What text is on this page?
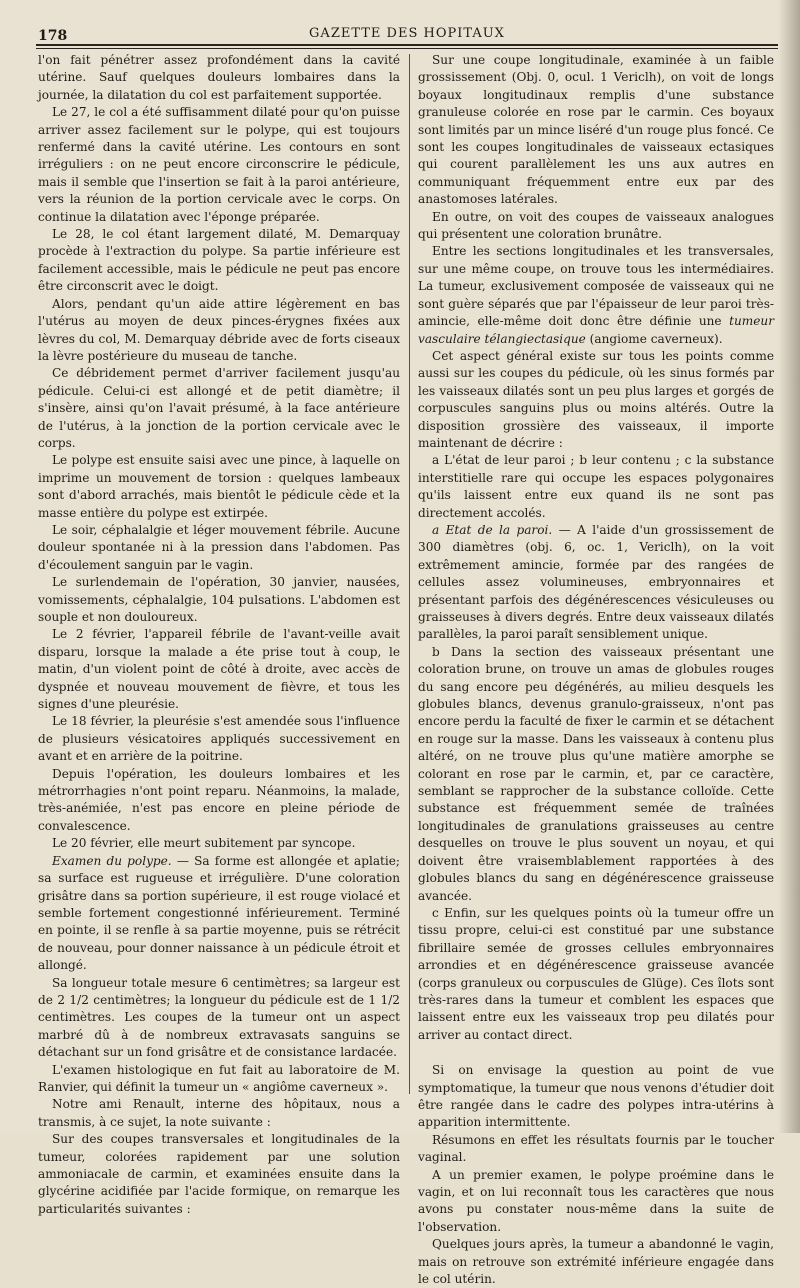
178	GAZETTE DES HOPITAUX

l'on fait pénétrer assez profondément dans la cavité utérine. Sauf quelques douleurs lombaires dans la journée, la dilatation du col est parfaitement supportée.

Le 27, le col a été suffisamment dilaté pour qu'on puisse arriver assez facilement sur le polype, qui est toujours renfermé dans la cavité utérine. Les contours en sont irréguliers : on ne peut encore circonscrire le pédicule, mais il semble que l'insertion se fait à la paroi antérieure, vers la réunion de la portion cervicale avec le corps. On continue la dilatation avec l'éponge préparée.

Le 28, le col étant largement dilaté, M. Demarquay procède à l'extraction du polype. Sa partie inférieure est facilement accessible, mais le pédicule ne peut pas encore être circonscrit avec le doigt.

Alors, pendant qu'un aide attire légèrement en bas l'utérus au moyen de deux pinces-érygnes fixées aux lèvres du col, M. Demarquay débride avec de forts ciseaux la lèvre postérieure du museau de tanche.

Ce débridement permet d'arriver facilement jusqu'au pédicule. Celui-ci est allongé et de petit diamètre; il s'insère, ainsi qu'on l'avait présumé, à la face antérieure de l'utérus, à la jonction de la portion cervicale avec le corps.

Le polype est ensuite saisi avec une pince, à laquelle on imprime un mouvement de torsion : quelques lambeaux sont d'abord arrachés, mais bientôt le pédicule cède et la masse entière du polype est extirpée.

Le soir, céphalalgie et léger mouvement fébrile. Aucune douleur spontanée ni à la pression dans l'abdomen. Pas d'écoulement sanguin par le vagin.

Le surlendemain de l'opération, 30 janvier, nausées, vomissements, céphalalgie, 104 pulsations. L'abdomen est souple et non douloureux.

Le 2 février, l'appareil fébrile de l'avant-veille avait disparu, lorsque la malade a éte prise tout à coup, le matin, d'un violent point de côté à droite, avec accès de dyspnée et nouveau mouvement de fièvre, et tous les signes d'une pleurésie.

Le 18 février, la pleurésie s'est amendée sous l'influence de plusieurs vésicatoires appliqués successivement en avant et en arrière de la poitrine.

Depuis l'opération, les douleurs lombaires et les métrorrhagies n'ont point reparu. Néanmoins, la malade, très-anémiée, n'est pas encore en pleine période de convalescence.

Le 20 février, elle meurt subitement par syncope.

Examen du polype. — Sa forme est allongée et aplatie; sa surface est rugueuse et irrégulière. D'une coloration grisâtre dans sa portion supérieure, il est rouge violacé et semble fortement congestionné inférieurement. Terminé en pointe, il se renfle à sa partie moyenne, puis se rétrécit de nouveau, pour donner naissance à un pédicule étroit et allongé.

Sa longueur totale mesure 6 centimètres; sa largeur est de 2 1/2 centimètres; la longueur du pédicule est de 1 1/2 centimètres. Les coupes de la tumeur ont un aspect marbré dû à de nombreux extravasats sanguins se détachant sur un fond grisâtre et de consistance lardacée.

L'examen histologique en fut fait au laboratoire de M. Ranvier, qui définit la tumeur un « angiôme caverneux ».

Notre ami Renault, interne des hôpitaux, nous a transmis, à ce sujet, la note suivante :

Sur des coupes transversales et longitudinales de la tumeur, colorées rapidement par une solution ammoniacale de carmin, et examinées ensuite dans la glycérine acidifiée par l'acide formique, on remarque les particularités suivantes :

Sur une coupe longitudinale, examinée à un faible grossissement (Obj. 0, ocul. 1 Vericlh), on voit de longs boyaux longitudinaux remplis d'une substance granuleuse colorée en rose par le carmin. Ces boyaux sont limités par un mince liséré d'un rouge plus foncé. Ce sont les coupes longitudinales de vaisseaux ectasiques qui courent parallèlement les uns aux autres en communiquant fréquemment entre eux par des anastomoses latérales.

En outre, on voit des coupes de vaisseaux analogues qui présentent une coloration brunâtre.

Entre les sections longitudinales et les transversales, sur une même coupe, on trouve tous les intermédiaires. La tumeur, exclusivement composée de vaisseaux qui ne sont guère séparés que par l'épaisseur de leur paroi très-amincie, elle-même doit donc être définie une tumeur vasculaire télangiectasique (angiome caverneux).

Cet aspect général existe sur tous les points comme aussi sur les coupes du pédicule, où les sinus formés par les vaisseaux dilatés sont un peu plus larges et gorgés de corpuscules sanguins plus ou moins altérés. Outre la disposition grossière des vaisseaux, il importe maintenant de décrire :

a L'état de leur paroi ; b leur contenu ; c la substance interstitielle rare qui occupe les espaces polygonaires qu'ils laissent entre eux quand ils ne sont pas directement accolés.

a Etat de la paroi. — A l'aide d'un grossissement de 300 diamètres (obj. 6, oc. 1, Vericlh), on la voit extrêmement amincie, formée par des rangées de cellules assez volumineuses, embryonnaires et présentant parfois des dégénérescences vésiculeuses ou graisseuses à divers degrés. Entre deux vaisseaux dilatés parallèles, la paroi paraît sensiblement unique.

b Dans la section des vaisseaux présentant une coloration brune, on trouve un amas de globules rouges du sang encore peu dégénérés, au milieu desquels les globules blancs, devenus granulo-graisseux, n'ont pas encore perdu la faculté de fixer le carmin et se détachent en rouge sur la masse. Dans les vaisseaux à contenu plus altéré, on ne trouve plus qu'une matière amorphe se colorant en rose par le carmin, et, par ce caractère, semblant se rapprocher de la substance colloïde. Cette substance est fréquemment semée de traînées longitudinales de granulations graisseuses au centre desquelles on trouve le plus souvent un noyau, et qui doivent être vraisemblablement rapportées à des globules blancs du sang en dégénérescence graisseuse avancée.

c Enfin, sur les quelques points où la tumeur offre un tissu propre, celui-ci est constitué par une substance fibrillaire semée de grosses cellules embryonnaires arrondies et en dégénérescence graisseuse avancée (corps granuleux ou corpuscules de Glüge). Ces îlots sont très-rares dans la tumeur et comblent les espaces que laissent entre eux les vaisseaux trop peu dilatés pour arriver au contact direct.

Si on envisage la question au point de vue symptomatique, la tumeur que nous venons d'étudier doit être rangée dans le cadre des polypes intra-utérins à apparition intermittente.

Résumons en effet les résultats fournis par le toucher vaginal.

A un premier examen, le polype proémine dans le vagin, et on lui reconnaît tous les caractères que nous avons pu constater nous-même dans la suite de l'observation.

Quelques jours après, la tumeur a abandonné le vagin, mais on retrouve son extrémité inférieure engagée dans le col utérin.
